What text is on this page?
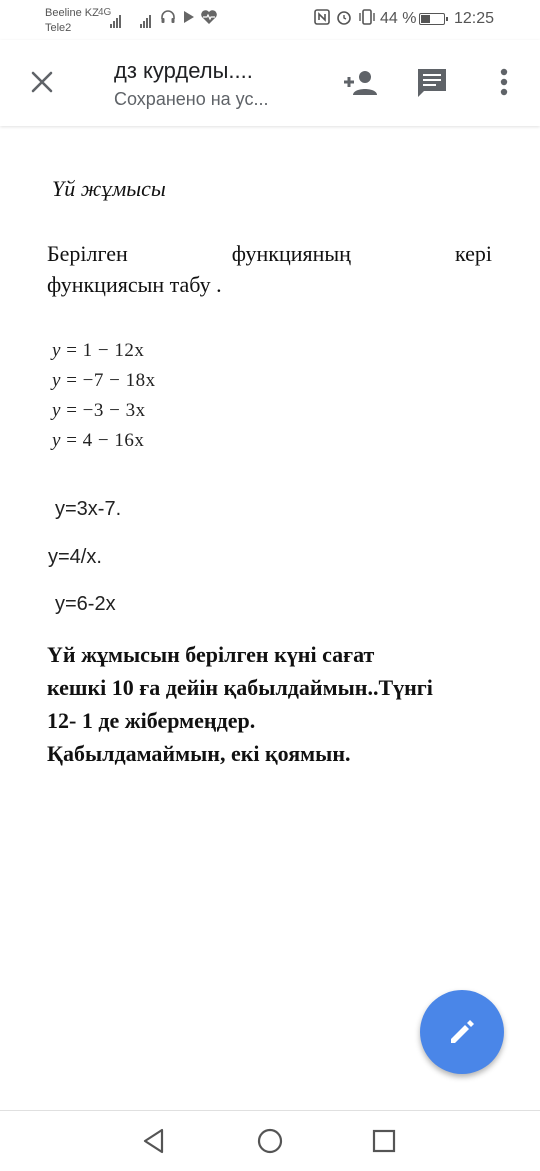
Beeline KZ
Tele2
4G	44 % 12:25
дз курделы....
Сохранено на ус...
Үй жұмысы
Берілген	функцияның	кері
функциясын табу .
y = 1 − 12x
y = −7 − 18x
y = −3 − 3x
y = 4 − 16x
y=3x-7.
y=4/x.
y=6-2x
Үй жұмысын берілген күні сағат
кешкі 10 ға дейін қабылдаймын..Түнгі
12- 1 де жібермеңдер.
Қабылдамаймын, екі қоямын.
